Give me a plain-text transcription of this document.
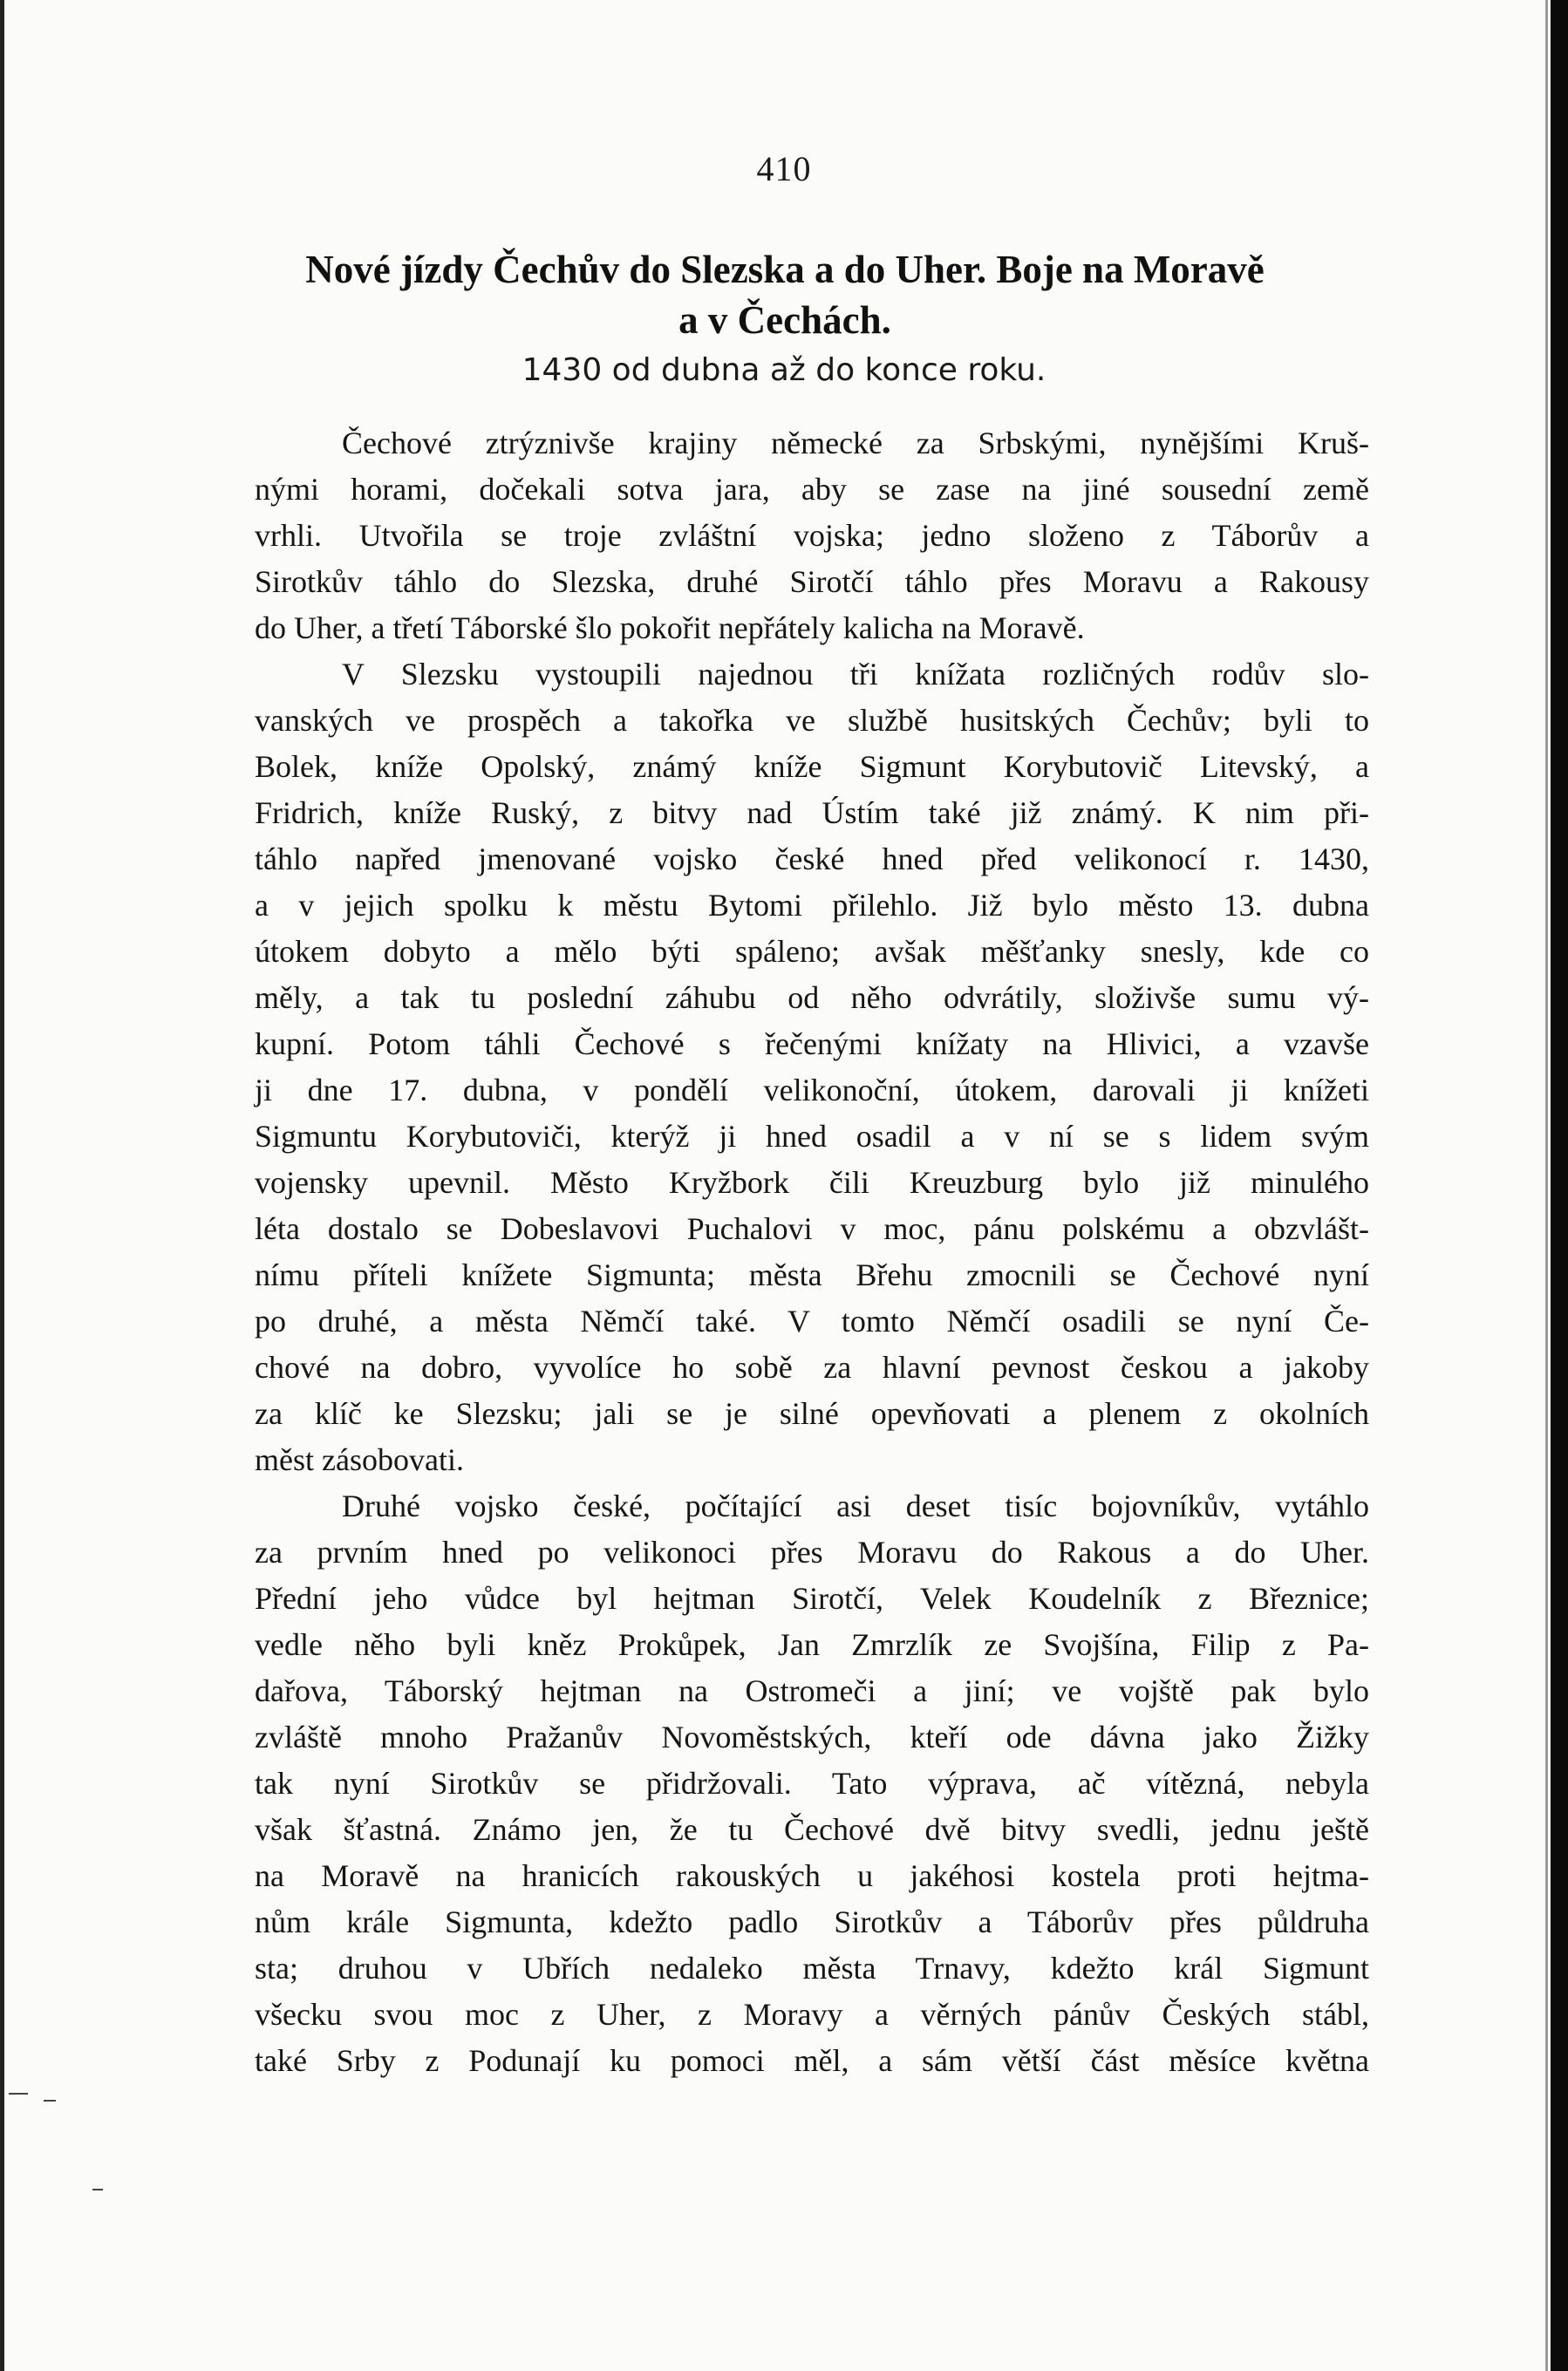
410
Nové jízdy Čechův do Slezska a do Uher. Boje na Moravě
a v Čechách.

1430 od dubna až do konce roku.

Čechové ztrýznivše krajiny německé za Srbskými, nynějšími Kruš-
nými horami, dočekali sotva jara, aby se zase na jiné sousední země
vrhli. Utvořila se troje zvláštní vojska; jedno složeno z Táborův a
Sirotkův táhlo do Slezska, druhé Sirotčí táhlo přes Moravu a Rakousy
do Uher, a třetí Táborské šlo pokořit nepřátely kalicha na Moravě.
V Slezsku vystoupili najednou tři knížata rozličných rodův slo-
vanských ve prospěch a takořka ve službě husitských Čechův; byli to
Bolek, kníže Opolský, známý kníže Sigmunt Korybutovič Litevský, a
Fridrich, kníže Ruský, z bitvy nad Ústím také již známý. K nim při-
táhlo napřed jmenované vojsko české hned před velikonocí r. 1430,
a v jejich spolku k městu Bytomi přilehlo. Již bylo město 13. dubna
útokem dobyto a mělo býti spáleno; avšak měšťanky snesly, kde co
měly, a tak tu poslední záhubu od něho odvrátily, složivše sumu vý-
kupní. Potom táhli Čechové s řečenými knížaty na Hlivici, a vzavše
ji dne 17. dubna, v pondělí velikonoční, útokem, darovali ji knížeti
Sigmuntu Korybutoviči, kterýž ji hned osadil a v ní se s lidem svým
vojensky upevnil. Město Kryžbork čili Kreuzburg bylo již minulého
léta dostalo se Dobeslavovi Puchalovi v moc, pánu polskému a obzvlášt-
nímu příteli knížete Sigmunta; města Břehu zmocnili se Čechové nyní
po druhé, a města Němčí také. V tomto Němčí osadili se nyní Če-
chové na dobro, vyvolíce ho sobě za hlavní pevnost českou a jakoby
za klíč ke Slezsku; jali se je silné opevňovati a plenem z okolních
měst zásobovati.
Druhé vojsko české, počítající asi deset tisíc bojovníkův, vytáhlo
za prvním hned po velikonoci přes Moravu do Rakous a do Uher.
Přední jeho vůdce byl hejtman Sirotčí, Velek Koudelník z Březnice;
vedle něho byli kněz Prokůpek, Jan Zmrzlík ze Svojšína, Filip z Pa-
dařova, Táborský hejtman na Ostromeči a jiní; ve vojště pak bylo
zvláště mnoho Pražanův Novoměstských, kteří ode dávna jako Žižky
tak nyní Sirotkův se přidržovali. Tato výprava, ač vítězná, nebyla
však šťastná. Známo jen, že tu Čechové dvě bitvy svedli, jednu ještě
na Moravě na hranicích rakouských u jakéhosi kostela proti hejtma-
nům krále Sigmunta, kdežto padlo Sirotkův a Táborův přes půldruha
sta; druhou v Ubřích nedaleko města Trnavy, kdežto král Sigmunt
všecku svou moc z Uher, z Moravy a věrných pánův Českých stábl,
také Srby z Podunají ku pomoci měl, a sám větší část měsíce května
